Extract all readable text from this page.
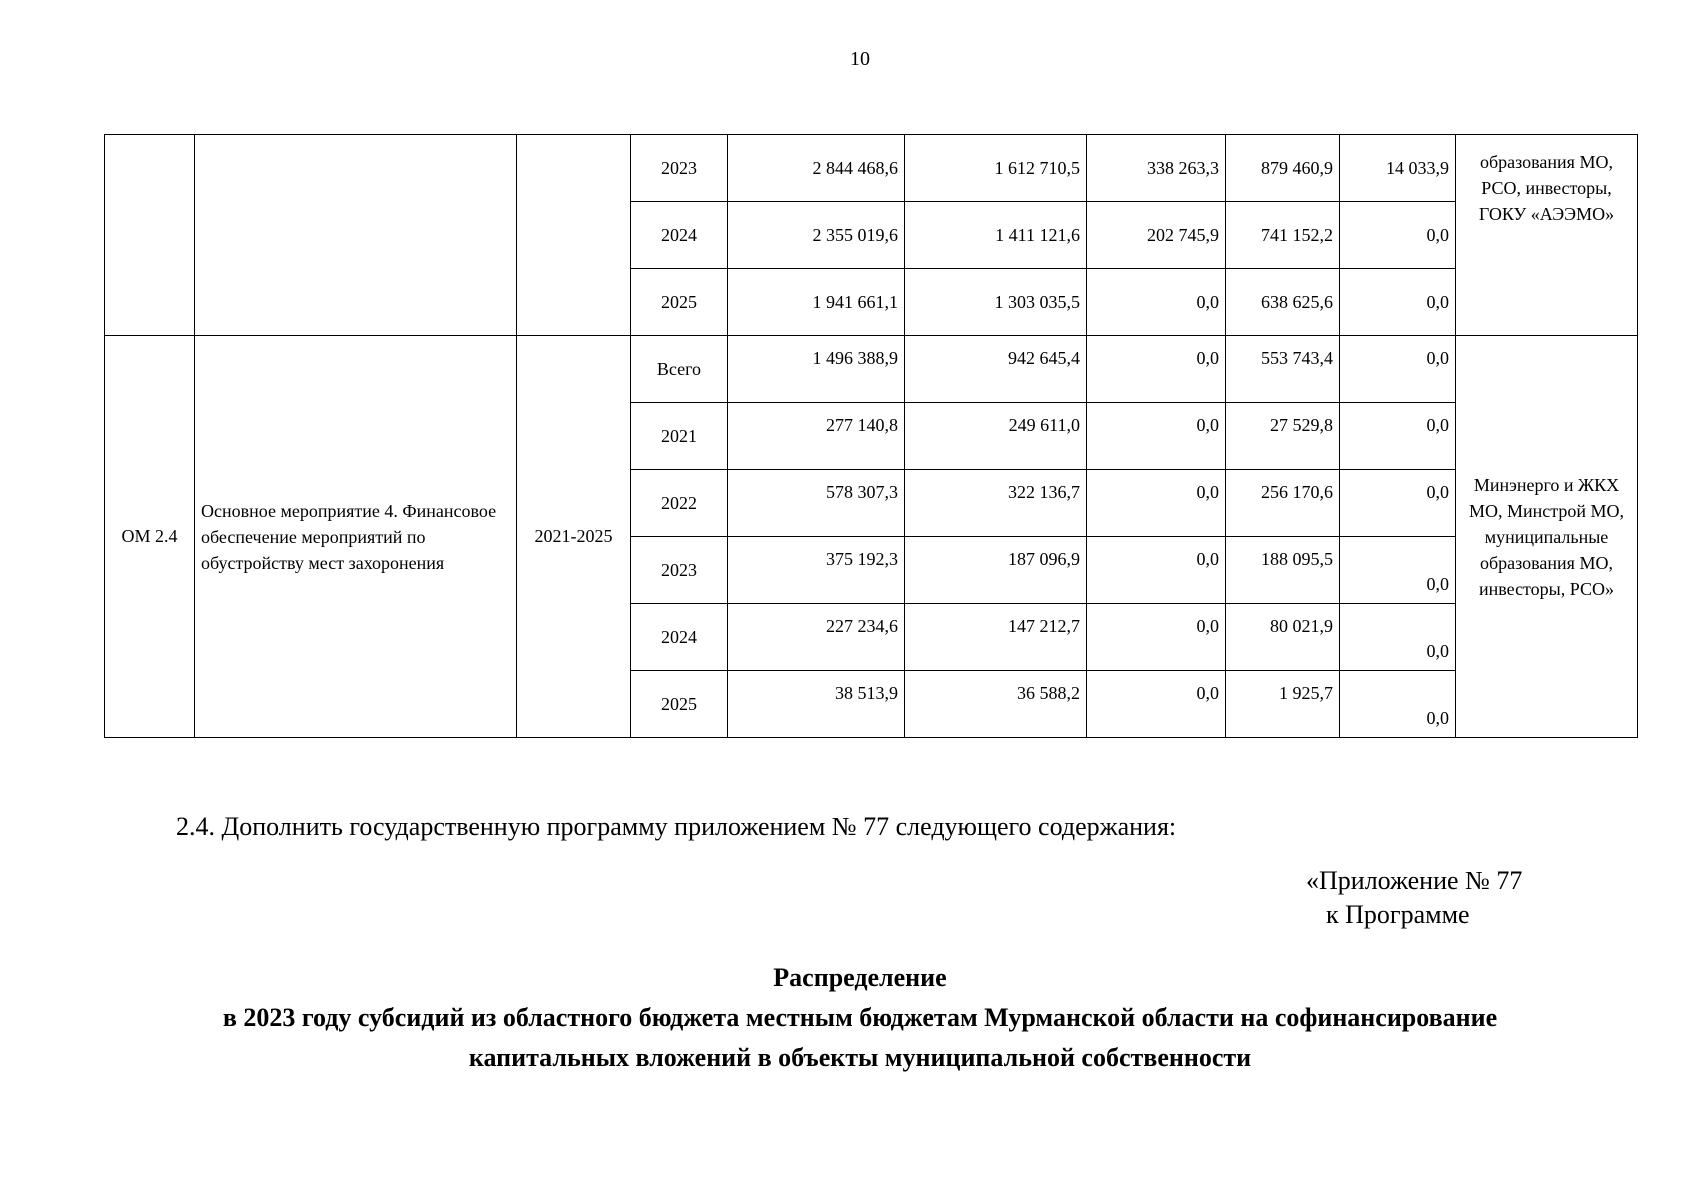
10
			2023	2 844 468,6	1 612 710,5	338 263,3	879 460,9	14 033,9	образования МО, РСО, инвесторы, ГОКУ «АЭЭМО»
			2024	2 355 019,6	1 411 121,6	202 745,9	741 152,2	0,0	
			2025	1 941 661,1	1 303 035,5	0,0	638 625,6	0,0	
ОМ 2.4	Основное мероприятие 4. Финансовое обеспечение мероприятий по обустройству мест захоронения	2021-2025	Всего	1 496 388,9	942 645,4	0,0	553 743,4	0,0	Минэнерго и ЖКХ МО, Минстрой МО, муниципальные образования МО, инвесторы, РСО»
			2021	277 140,8	249 611,0	0,0	27 529,8	0,0	
			2022	578 307,3	322 136,7	0,0	256 170,6	0,0	
			2023	375 192,3	187 096,9	0,0	188 095,5	0,0	
			2024	227 234,6	147 212,7	0,0	80 021,9	0,0	
			2025	38 513,9	36 588,2	0,0	1 925,7	0,0	
2.4. Дополнить государственную программу приложением № 77 следующего содержания:
«Приложение № 77
к Программе
Распределение
в 2023 году субсидий из областного бюджета местным бюджетам Мурманской области на софинансирование
капитальных вложений в объекты муниципальной собственности
